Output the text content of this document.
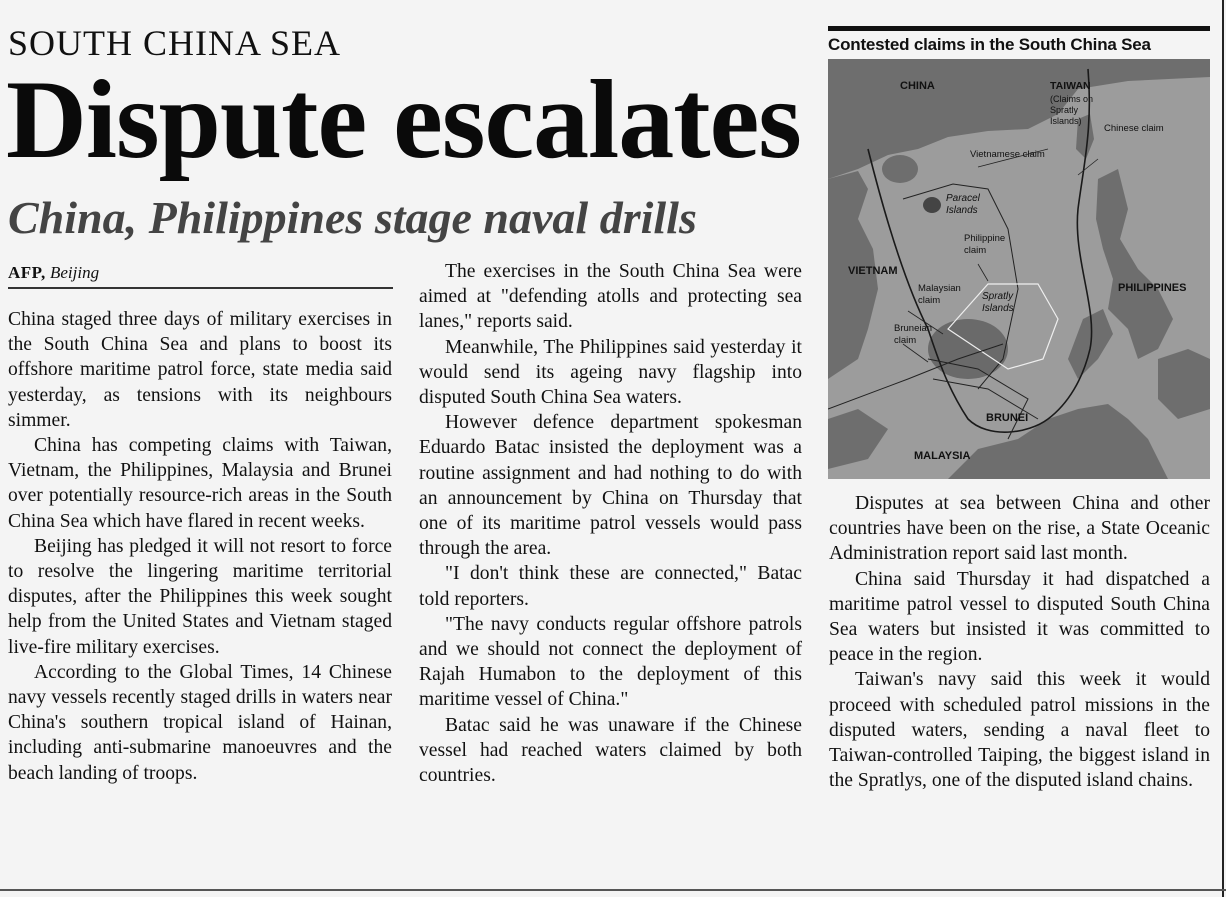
SOUTH CHINA SEA
Dispute escalates
China, Philippines stage naval drills
AFP, Beijing

China staged three days of military exercises in the South China Sea and plans to boost its offshore maritime patrol force, state media said yesterday, as tensions with its neighbours simmer.

China has competing claims with Taiwan, Vietnam, the Philippines, Malaysia and Brunei over potentially resource-rich areas in the South China Sea which have flared in recent weeks.

Beijing has pledged it will not resort to force to resolve the lingering maritime territorial disputes, after the Philippines this week sought help from the United States and Vietnam staged live-fire military exercises.

According to the Global Times, 14 Chinese navy vessels recently staged drills in waters near China's southern tropical island of Hainan, including anti-submarine manoeuvres and the beach landing of troops.

The exercises in the South China Sea were aimed at "defending atolls and protecting sea lanes," reports said.

Meanwhile, The Philippines said yesterday it would send its ageing navy flagship into disputed South China Sea waters.

However defence department spokesman Eduardo Batac insisted the deployment was a routine assignment and had nothing to do with an announcement by China on Thursday that one of its maritime patrol vessels would pass through the area.

"I don't think these are connected," Batac told reporters.

"The navy conducts regular offshore patrols and we should not connect the deployment of Rajah Humabon to the deployment of this maritime vessel of China."

Batac said he was unaware if the Chinese vessel had reached waters claimed by both countries.

Contested claims in the South China Sea
CHINA	TAIWAN
(Claims on
Spratly
Islands)
Chinese claim
Vietnamese claim
Paracel
Islands
Philippine
claim
VIETNAM
Malaysian
claim	Spratly
Islands
PHILIPPINES
Bruneian
claim
BRUNEI
MALAYSIA

Disputes at sea between China and other countries have been on the rise, a State Oceanic Administration report said last month.

China said Thursday it had dispatched a maritime patrol vessel to disputed South China Sea waters but insisted it was committed to peace in the region.

Taiwan's navy said this week it would proceed with scheduled patrol missions in the disputed waters, sending a naval fleet to Taiwan-controlled Taiping, the biggest island in the Spratlys, one of the disputed island chains.
